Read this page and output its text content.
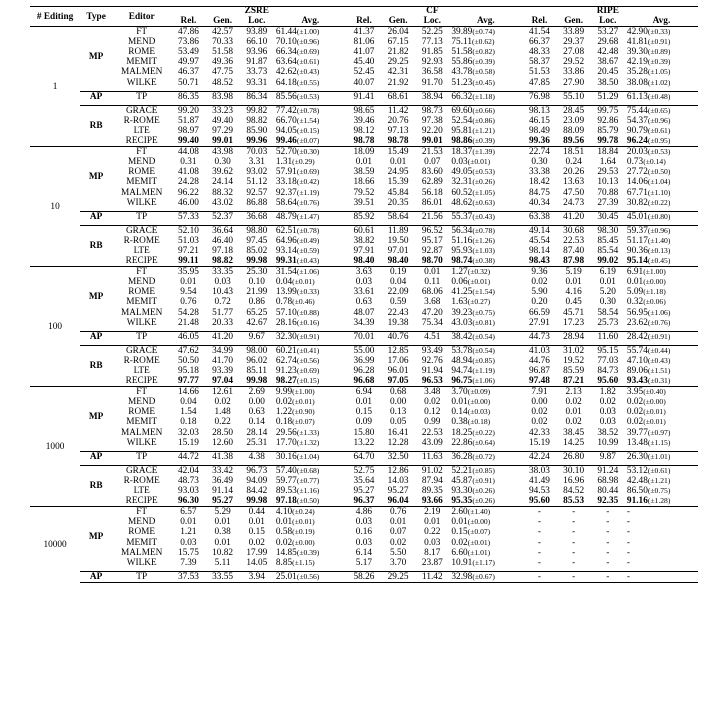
# Editing	Type	Editor			ZSRE				CF				RIPE	
			Rel.	Gen.	Loc.	Avg.	Rel.	Gen.	Loc.	Avg.	Rel.	Gen.	Loc.	Avg.
1	MP	FT	47.86	42.57	93.89	61.44(±1.00)	41.37	26.04	52.25	39.89(±0.74)	41.54	33.89	53.27	42.90(±0.33)
		MEND	73.86	70.33	66.10	70.10(±0.96)	81.06	67.15	77.13	75.11(±0.62)	66.37	29.37	29.68	41.81(±0.91)
		ROME	53.49	51.58	93.96	66.34(±0.69)	41.07	21.82	91.85	51.58(±0.82)	48.33	27.08	42.48	39.30(±0.89)
		MEMIT	49.97	49.36	91.87	63.64(±0.61)	45.40	29.25	92.93	55.86(±0.39)	58.37	29.52	38.67	42.19(±0.39)
		MALMEN	46.37	47.75	33.73	42.62(±0.43)	52.45	42.31	36.58	43.78(±0.58)	51.53	33.86	20.45	35.28(±1.05)
		WILKE	50.71	48.52	93.31	64.18(±0.55)	40.07	21.92	91.70	51.23(±0.45)	47.85	27.90	38.50	38.08(±1.02)

	AP	TP	86.35	83.98	86.34	85.56(±0.53)	91.41	68.61	38.94	66.32(±1.18)	76.98	55.10	51.29	61.13(±0.48)

	RB	GRACE	99.20	33.23	99.82	77.42(±0.78)	98.65	11.42	98.73	69.60(±0.66)	98.13	28.45	99.75	75.44(±0.65)
		R-ROME	51.87	49.40	98.82	66.70(±1.54)	39.46	20.76	97.38	52.54(±0.86)	46.15	23.09	92.86	54.37(±0.96)
		LTE	98.97	97.29	85.90	94.05(±0.15)	98.12	97.13	92.20	95.81(±1.21)	98.49	88.09	85.79	90.79(±0.61)
		RECIPE	99.40	99.01	99.96	99.46(±0.07)	98.78	98.78	99.01	98.86(±0.39)	99.36	89.56	99.78	96.24(±0.95)
10	MP	FT	44.08	43.98	70.03	52.70(±0.30)	18.09	15.49	21.53	18.37(±1.39)	22.74	18.51	18.84	20.03(±0.53)
		MEND	0.31	0.30	3.31	1.31(±0.29)	0.01	0.01	0.07	0.03(±0.01)	0.30	0.24	1.64	0.73(±0.14)
		ROME	41.08	39.62	93.02	57.91(±0.69)	38.59	24.95	83.60	49.05(±0.53)	33.38	20.26	29.53	27.72(±0.50)
		MEMIT	24.28	24.14	51.12	33.18(±0.42)	18.66	15.39	62.89	32.31(±0.26)	18.42	13.63	10.13	14.06(±1.04)
		MALMEN	96.22	88.32	92.57	92.37(±1.19)	79.52	45.84	56.18	60.52(±1.05)	84.75	47.50	70.88	67.71(±1.10)
		WILKE	46.00	43.02	86.88	58.64(±0.76)	39.51	20.35	86.01	48.62(±0.63)	40.34	24.73	27.39	30.82(±0.22)

	AP	TP	57.33	52.37	36.68	48.79(±1.47)	85.92	58.64	21.56	55.37(±0.43)	63.38	41.20	30.45	45.01(±0.80)

	RB	GRACE	52.10	36.64	98.80	62.51(±0.78)	60.61	11.89	96.52	56.34(±0.78)	49.14	30.68	98.30	59.37(±0.96)
		R-ROME	51.03	46.40	97.45	64.96(±0.49)	38.82	19.50	95.17	51.16(±1.26)	45.54	22.53	85.45	51.17(±1.40)
		LTE	97.21	97.18	85.02	93.14(±0.59)	97.91	97.01	92.87	95.93(±1.03)	98.14	87.40	85.54	90.36(±0.13)
		RECIPE	99.11	98.82	99.98	99.31(±0.43)	98.40	98.40	98.70	98.74(±0.38)	98.43	87.98	99.02	95.14(±0.45)
100	MP	FT	35.95	33.35	25.30	31.54(±1.06)	3.63	0.19	0.01	1.27(±0.32)	9.36	5.19	6.19	6.91(±1.00)
		MEND	0.01	0.03	0.10	0.04(±0.01)	0.03	0.04	0.11	0.06(±0.01)	0.02	0.01	0.01	0.01(±0.00)
		ROME	9.54	10.43	21.99	13.99(±0.33)	33.61	22.09	68.06	41.25(±1.54)	5.90	4.16	5.20	5.09(±1.18)
		MEMIT	0.76	0.72	0.86	0.78(±0.46)	0.63	0.59	3.68	1.63(±0.27)	0.20	0.45	0.30	0.32(±0.06)
		MALMEN	54.28	51.77	65.25	57.10(±0.88)	48.07	22.43	47.20	39.23(±0.75)	66.59	45.71	58.54	56.95(±1.06)
		WILKE	21.48	20.33	42.67	28.16(±0.16)	34.39	19.38	75.34	43.03(±0.81)	27.91	17.23	25.73	23.62(±0.76)

	AP	TP	46.05	41.20	9.67	32.30(±0.91)	70.01	40.76	4.51	38.42(±0.54)	44.73	28.94	11.60	28.42(±0.91)

	RB	GRACE	47.62	34.99	98.00	60.21(±0.41)	55.00	12.85	93.49	53.78(±0.54)	41.03	31.02	95.15	55.74(±0.44)
		R-ROME	50.50	41.70	96.02	62.74(±0.56)	36.99	17.06	92.76	48.94(±0.85)	44.76	19.52	77.03	47.10(±0.43)
		LTE	95.18	93.39	85.11	91.23(±0.69)	96.28	96.01	91.94	94.74(±1.19)	96.87	85.59	84.73	89.06(±1.51)
		RECIPE	97.77	97.04	99.98	98.27(±0.15)	96.68	97.05	96.53	96.75(±1.06)	97.48	87.21	95.60	93.43(±0.31)
1000	MP	FT	14.66	12.61	2.69	9.99(±1.00)	6.94	0.68	3.48	3.70(±0.09)	7.91	2.13	1.82	3.95(±0.40)
		MEND	0.04	0.02	0.00	0.02(±0.01)	0.01	0.00	0.02	0.01(±0.00)	0.00	0.02	0.02	0.02(±0.00)
		ROME	1.54	1.48	0.63	1.22(±0.90)	0.15	0.13	0.12	0.14(±0.03)	0.02	0.01	0.03	0.02(±0.01)
		MEMIT	0.18	0.22	0.14	0.18(±0.07)	0.09	0.05	0.99	0.38(±0.18)	0.02	0.02	0.03	0.02(±0.01)
		MALMEN	32.03	28.50	28.14	29.56(±1.33)	15.80	16.41	22.53	18.25(±0.22)	42.33	38.45	38.52	39.77(±0.97)
		WILKE	15.19	12.60	25.31	17.70(±1.32)	13.22	12.28	43.09	22.86(±0.64)	15.19	14.25	10.99	13.48(±1.15)

	AP	TP	44.72	41.38	4.38	30.16(±1.04)	64.70	32.50	11.63	36.28(±0.72)	42.24	26.80	9.87	26.30(±1.01)

	RB	GRACE	42.04	33.42	96.73	57.40(±0.68)	52.75	12.86	91.02	52.21(±0.85)	38.03	30.10	91.24	53.12(±0.61)
		R-ROME	48.73	36.49	94.09	59.77(±0.77)	35.64	14.03	87.94	45.87(±0.91)	41.49	16.96	68.98	42.48(±1.21)
		LTE	93.03	91.14	84.42	89.53(±1.16)	95.27	95.27	89.35	93.30(±0.26)	94.53	84.52	80.44	86.50(±0.75)
		RECIPE	96.30	95.27	99.98	97.18(±0.50)	96.37	96.04	93.66	95.35(±0.26)	95.60	85.53	92.35	91.16(±1.28)
10000	MP	FT	6.57	5.29	0.44	4.10(±0.24)	4.86	0.76	2.19	2.60(±1.40)	-	-	-	-
		MEND	0.01	0.01	0.01	0.01(±0.01)	0.03	0.01	0.01	0.01(±0.00)	-	-	-	-
		ROME	1.21	0.38	0.15	0.58(±0.19)	0.16	0.07	0.22	0.15(±0.07)	-	-	-	-
		MEMIT	0.03	0.01	0.02	0.02(±0.00)	0.03	0.02	0.03	0.02(±0.01)	-	-	-	-
		MALMEN	15.75	10.82	17.99	14.85(±0.39)	6.14	5.50	8.17	6.60(±1.01)	-	-	-	-
		WILKE	7.39	5.11	14.05	8.85(±1.15)	5.17	3.70	23.87	10.91(±1.17)	-	-	-	-

	AP	TP	37.53	33.55	3.94	25.01(±0.56)	58.26	29.25	11.42	32.98(±0.67)	-	-	-	-
